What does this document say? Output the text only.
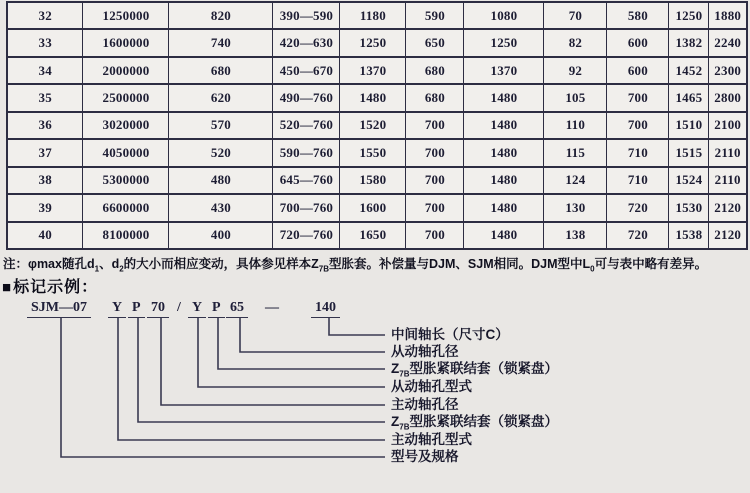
32	1250000	820	390—590	1180	590	1080	70	580	1250	1880
33	1600000	740	420—630	1250	650	1250	82	600	1382	2240
34	2000000	680	450—670	1370	680	1370	92	600	1452	2300
35	2500000	620	490—760	1480	680	1480	105	700	1465	2800
36	3020000	570	520—760	1520	700	1480	110	700	1510	2100
37	4050000	520	590—760	1550	700	1480	115	710	1515	2110
38	5300000	480	645—760	1580	700	1480	124	710	1524	2110
39	6600000	430	700—760	1600	700	1480	130	720	1530	2120
40	8100000	400	720—760	1650	700	1480	138	720	1538	2120
注：φmax随孔$d_1$、$d_2$的大小而相应变动，具体参见样本$Z_{7B}$型胀套。补偿量与DJM、SJM相同。DJM型中$L_0$可与表中略有差异。
■标记示例：
SJM—07 Y P 70 / Y P 65 —	140
中间轴长（尺寸C）
从动轴孔径
$Z_{7B}$型胀紧联结套（锁紧盘）
从动轴孔型式
主动轴孔径
$Z_{7B}$型胀紧联结套（锁紧盘）
主动轴孔型式
型号及规格
